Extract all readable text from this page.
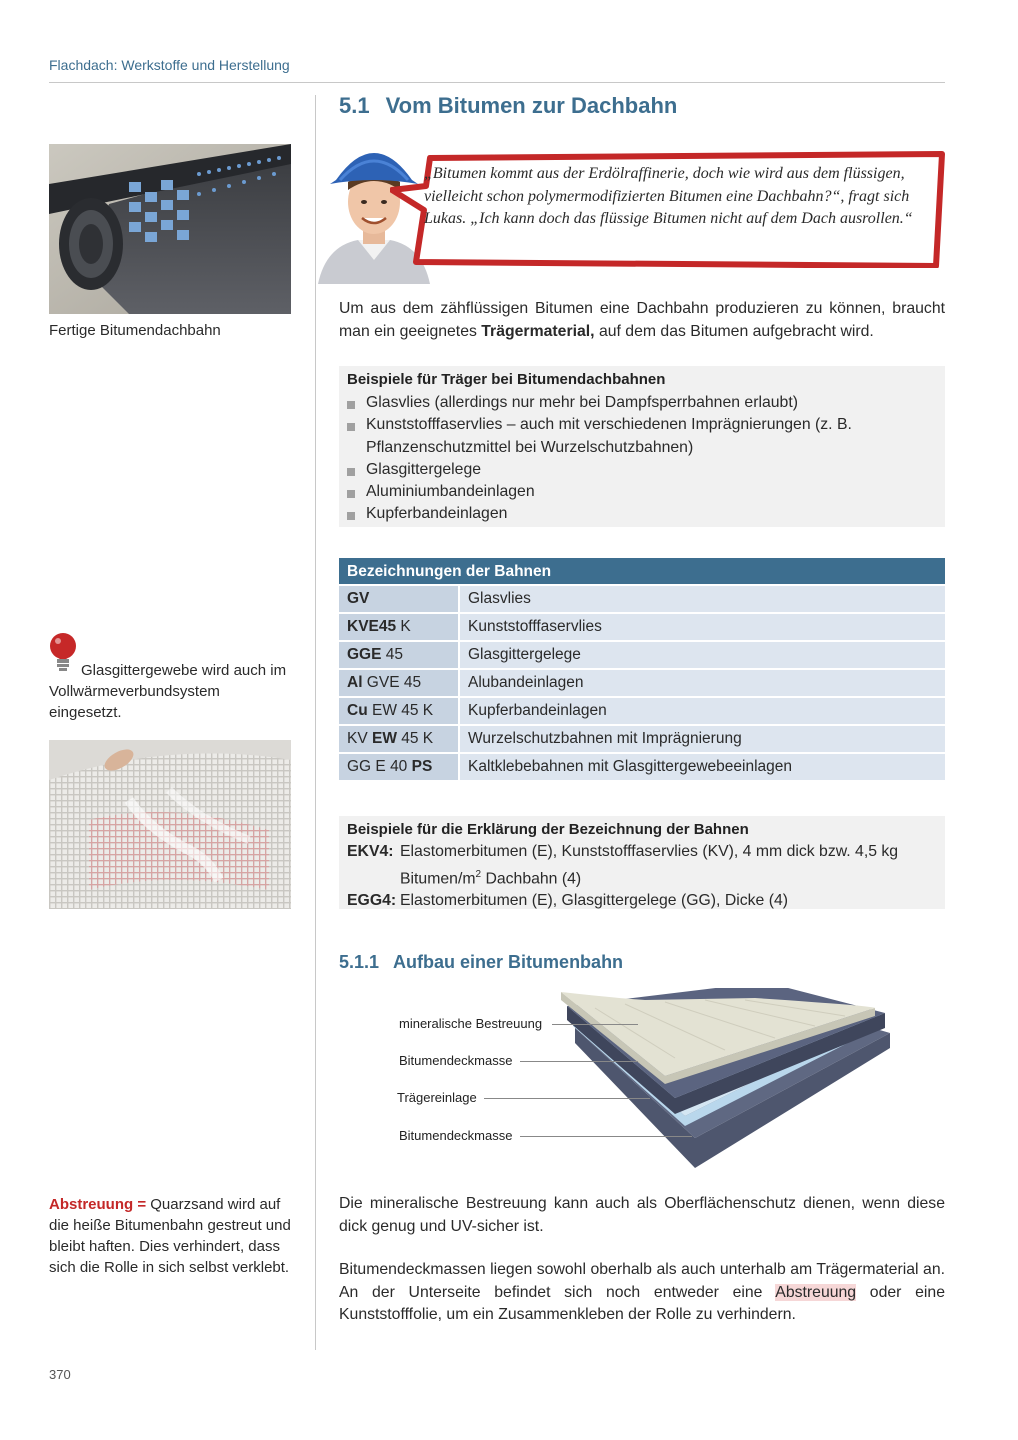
Flachdach: Werkstoffe und Herstellung
5.1 Vom Bitumen zur Dachbahn
Fertige Bitumendachbahn
Glasgittergewebe wird auch im Vollwärmeverbundsystem eingesetzt.
Abstreuung = Quarzsand wird auf die heiße Bitumenbahn gestreut und bleibt haften. Dies verhindert, dass sich die Rolle in sich selbst verklebt.
„Bitumen kommt aus der Erdölraffinerie, doch wie wird aus dem flüssigen, vielleicht schon polymermodifizierten Bitumen eine Dachbahn?“, fragt sich Lukas. „Ich kann doch das flüssige Bitumen nicht auf dem Dach ausrollen.“
Um aus dem zähflüssigen Bitumen eine Dachbahn produzieren zu können, braucht man ein geeignetes Trägermaterial, auf dem das Bitumen aufgebracht wird.
Beispiele für Träger bei Bitumendachbahnen
Glasvlies (allerdings nur mehr bei Dampfsperrbahnen erlaubt)
Kunststofffaservlies – auch mit verschiedenen Imprägnierungen (z. B. Pflanzenschutzmittel bei Wurzelschutzbahnen)
Glasgittergelege
Aluminiumbandeinlagen
Kupferbandeinlagen
Bezeichnungen der Bahnen
GV	Glasvlies
KVE45 K	Kunststofffaservlies
GGE 45	Glasgittergelege
Al GVE 45	Alubandeinlagen
Cu EW 45 K	Kupferbandeinlagen
KV EW 45 K	Wurzelschutzbahnen mit Imprägnierung
GG E 40 PS	Kaltklebebahnen mit Glasgittergewebeeinlagen
Beispiele für die Erklärung der Bezeichnung der Bahnen
EKV4: Elastomerbitumen (E), Kunststofffaservlies (KV), 4 mm dick bzw. 4,5 kg
Bitumen/$m^2$ Dachbahn (4)
EGG4: Elastomerbitumen (E), Glasgittergelege (GG), Dicke (4)
5.1.1 Aufbau einer Bitumenbahn
mineralische Bestreuung
Bitumendeckmasse
Trägereinlage
Bitumendeckmasse
Die mineralische Bestreuung kann auch als Oberflächenschutz dienen, wenn diese dick genug und UV-sicher ist.
Bitumendeckmassen liegen sowohl oberhalb als auch unterhalb am Trägermaterial an. An der Unterseite befindet sich noch entweder eine Abstreuung oder eine Kunststofffolie, um ein Zusammenkleben der Rolle zu verhindern.
370
